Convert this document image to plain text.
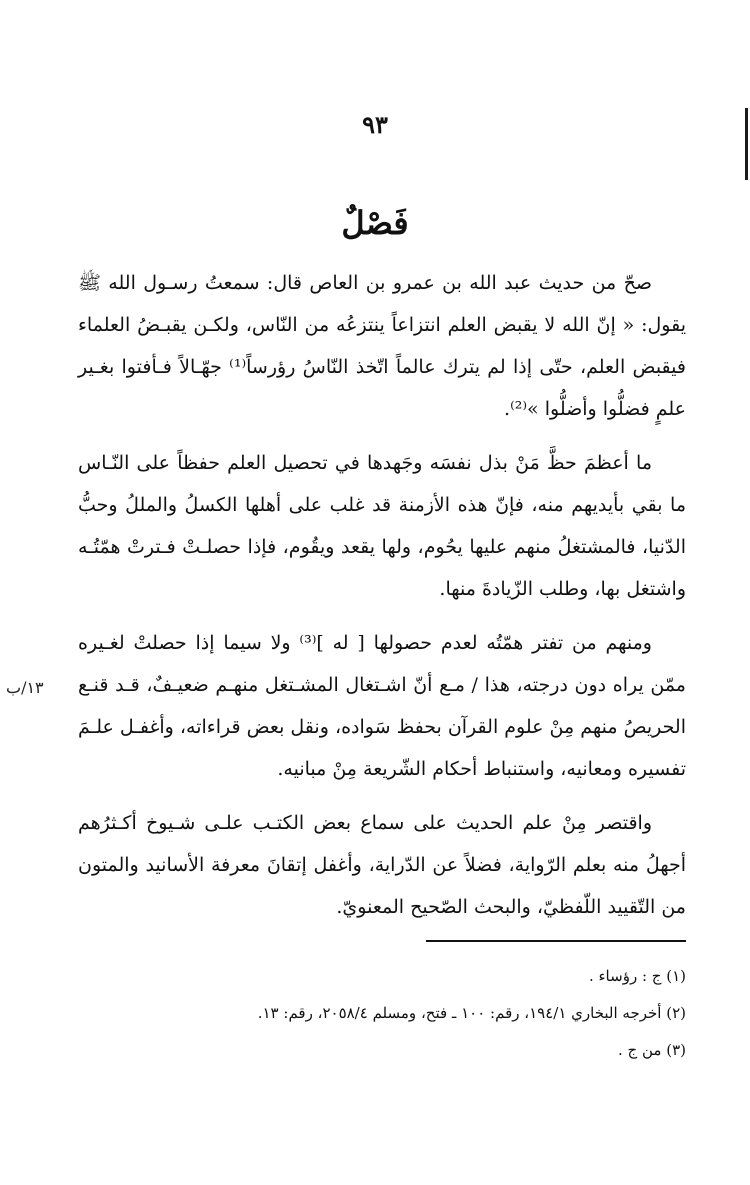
٩٣
فَصْلٌ
١٣/ب

صحّ من حديث عبد الله بن عمرو بن العاص قال: سمعتُ رسـول الله ﷺ يقول: « إنّ الله لا يقبض العلم انتزاعاً ينتزعُه من النّاس، ولكـن يقبـضُ العلماء فيقبض العلم، حتّى إذا لم يترك عالماً اتّخذ النّاسُ رؤرساً⁽¹⁾ جهّـالاً فـأفتوا بغـير علمٍ فضلُّوا وأضلُّوا »⁽²⁾.

ما أعظمَ حظَّ مَنْ بذل نفسَه وجَهدها في تحصيل العلم حفظاً على النّـاس ما بقي بأيديهم منه، فإنّ هذه الأزمنة قد غلب على أهلها الكسلُ والمللُ وحبُّ الدّنيا، فالمشتغلُ منهم عليها يحُوم، ولها يقعد ويقُوم، فإذا حصلـتْ فـترتْ همّتُـه واشتغل بها، وطلب الزّيادةَ منها.

ومنهم من تفتر همّتُه لعدم حصولها [ له ]⁽³⁾ ولا سيما إذا حصلتْ لغـيره ممّن يراه دون درجته، هذا / مـع أنّ اشـتغال المشـتغل منهـم ضعيـفٌ، قـد قنـع الحريصُ منهم مِنْ علوم القرآن بحفظ سَواده، ونقل بعض قراءاته، وأغفـل علـمَ تفسيره ومعانيه، واستنباط أحكام الشّريعة مِنْ مبانيه.

واقتصر مِنْ علم الحديث على سماع بعض الكتـب علـى شـيوخ أكـثرُهم أجهلُ منه بعلم الرّواية، فضلاً عن الدّراية، وأغفل إتقانَ معرفة الأسانيد والمتون من التّقييد اللّفظيّ، والبحث الصّحيح المعنويّ.

(١) ج : رؤساء .

(٢) أخرجه البخاري ١٩٤/١، رقم: ١٠٠ ـ فتح، ومسلم ٢٠٥٨/٤، رقم: ١٣.

(٣) من ج .
